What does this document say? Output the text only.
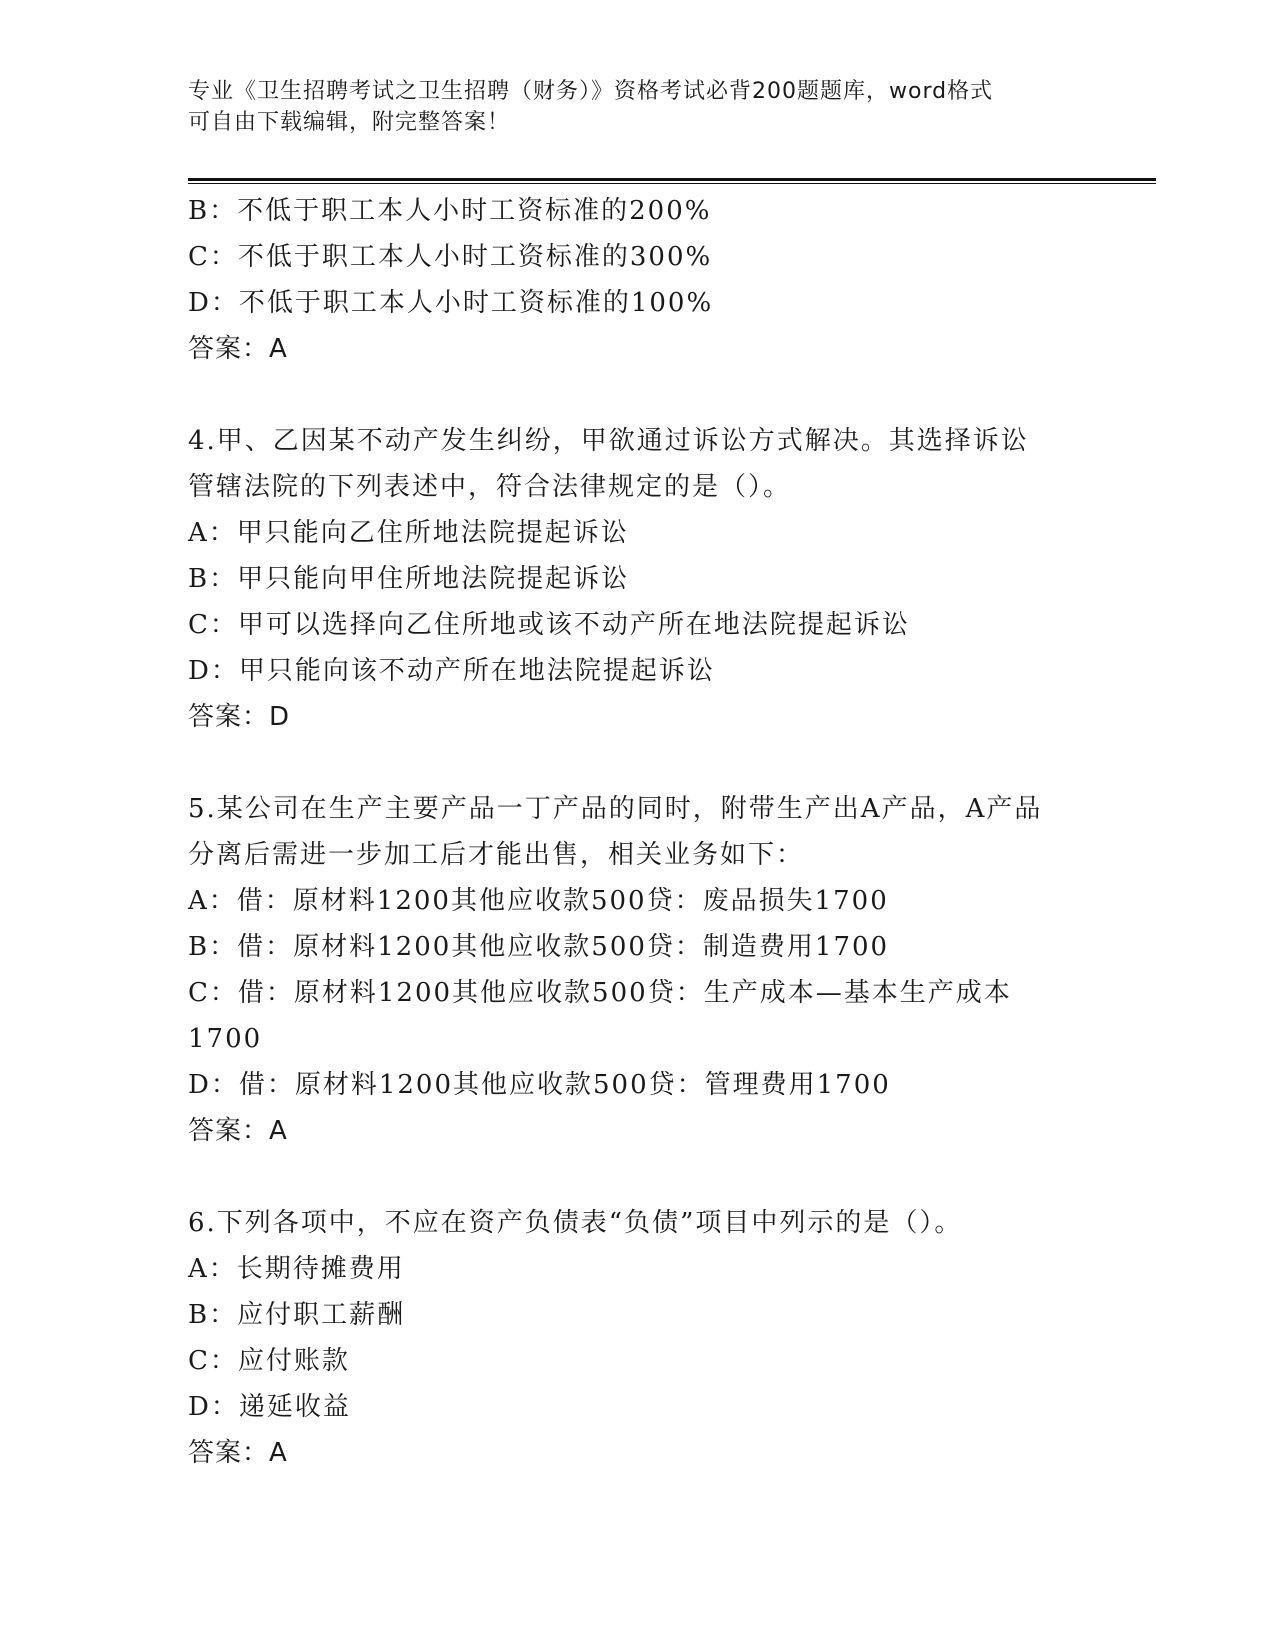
专业《卫生招聘考试之卫生招聘（财务）》资格考试必背200题题库，word格式
可自由下载编辑，附完整答案！
B：不低于职工本人小时工资标准的200%
C：不低于职工本人小时工资标准的300%
D：不低于职工本人小时工资标准的100%
答案：A
4.甲、乙因某不动产发生纠纷，甲欲通过诉讼方式解决。其选择诉讼
管辖法院的下列表述中，符合法律规定的是（）。
A：甲只能向乙住所地法院提起诉讼
B：甲只能向甲住所地法院提起诉讼
C：甲可以选择向乙住所地或该不动产所在地法院提起诉讼
D：甲只能向该不动产所在地法院提起诉讼
答案：D
5.某公司在生产主要产品一丁产品的同时，附带生产出A产品，A产品
分离后需进一步加工后才能出售，相关业务如下：
A：借：原材料1200其他应收款500贷：废品损失1700
B：借：原材料1200其他应收款500贷：制造费用1700
C：借：原材料1200其他应收款500贷：生产成本—基本生产成本
1700
D：借：原材料1200其他应收款500贷：管理费用1700
答案：A
6.下列各项中，不应在资产负债表“负债”项目中列示的是（）。
A：长期待摊费用
B：应付职工薪酬
C：应付账款
D：递延收益
答案：A
